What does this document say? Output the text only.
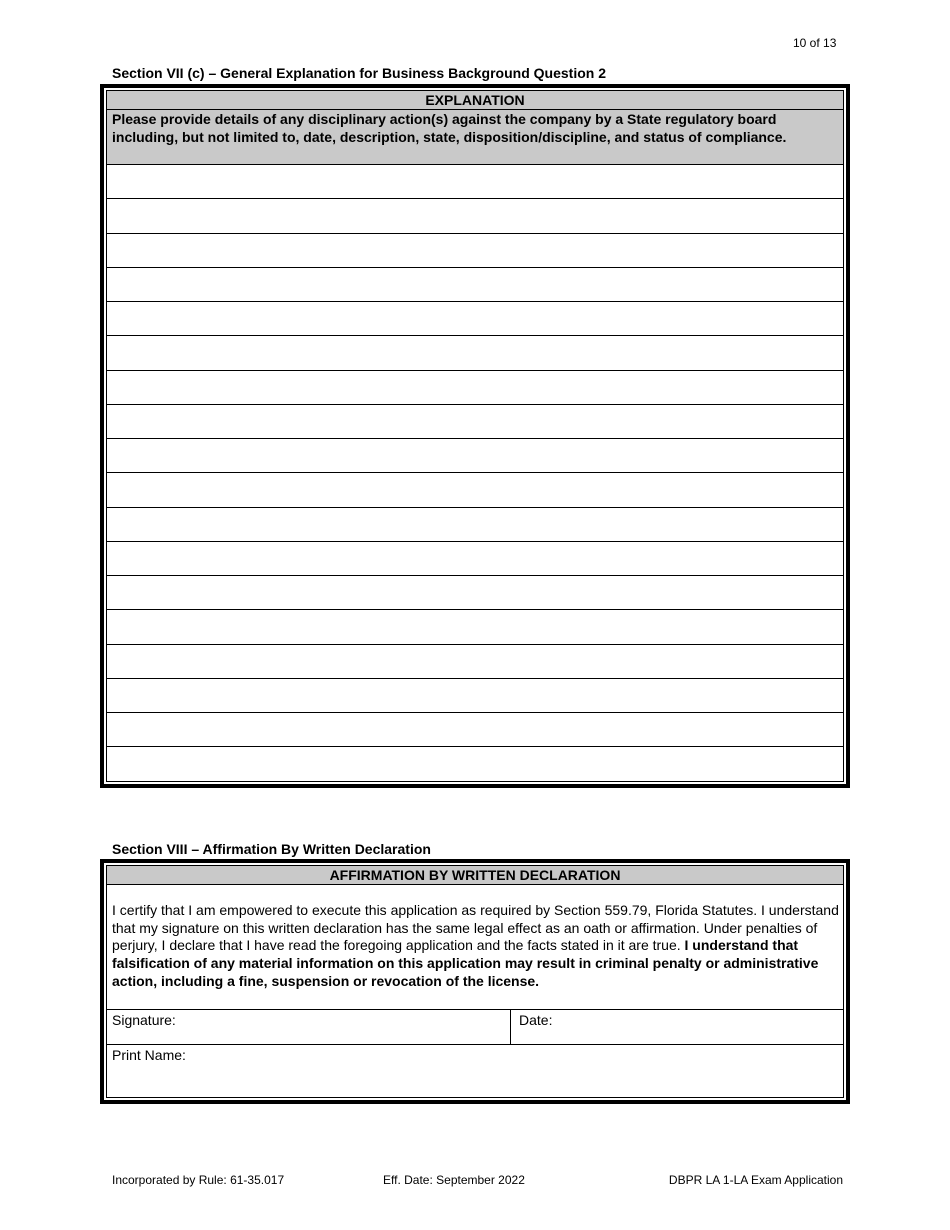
10 of 13
Section VII (c) – General Explanation for Business Background Question 2
EXPLANATION
Please provide details of any disciplinary action(s) against the company by a State regulatory board including, but not limited to, date, description, state, disposition/discipline, and status of compliance.
Section VIII – Affirmation By Written Declaration
AFFIRMATION BY WRITTEN DECLARATION
I certify that I am empowered to execute this application as required by Section 559.79, Florida Statutes. I understand that my signature on this written declaration has the same legal effect as an oath or affirmation. Under penalties of perjury, I declare that I have read the foregoing application and the facts stated in it are true. I understand that falsification of any material information on this application may result in criminal penalty or administrative action, including a fine, suspension or revocation of the license.
Signature:	Date:
Print Name:
Incorporated by Rule: 61-35.017	Eff. Date: September 2022	DBPR LA 1-LA Exam Application
